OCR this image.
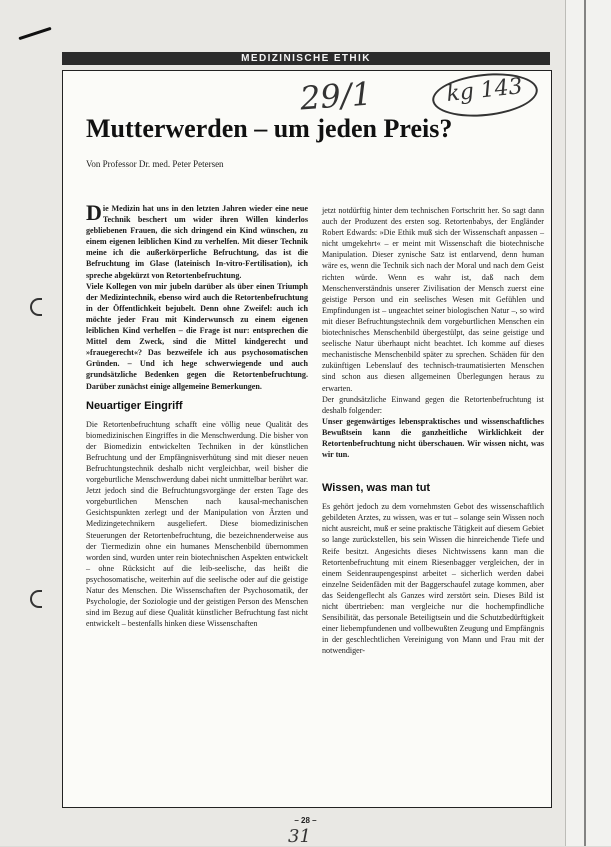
MEDIZINISCHE ETHIK
29/1	kg 143
Mutterwerden – um jeden Preis?
Von Professor Dr. med. Peter Petersen

Die Medizin hat uns in den letzten Jahren wieder eine neue Technik beschert um wider ihren Willen kinderlos gebliebenen Frauen, die sich dringend ein Kind wünschen, zu einem eigenen leiblichen Kind zu verhelfen. Mit dieser Technik meine ich die außerkörperliche Befruchtung, das ist die Befruchtung im Glase (lateinisch In-vitro-Fertilisation), ich spreche abgekürzt von Retortenbefruchtung.

Viele Kollegen von mir jubeln darüber als über einen Triumph der Medizintechnik, ebenso wird auch die Retortenbefruchtung in der Öffentlichkeit bejubelt. Denn ohne Zweifel: auch ich möchte jeder Frau mit Kinderwunsch zu einem eigenen leiblichen Kind verhelfen – die Frage ist nur: entsprechen die Mittel dem Zweck, sind die Mittel kindgerecht und »frauegerecht«? Das bezweifele ich aus psychosomatischen Gründen. – Und ich hege schwerwiegende und auch grundsätzliche Bedenken gegen die Retortenbefruchtung. Darüber zunächst einige allgemeine Bemerkungen.

Neuartiger Eingriff

Die Retortenbefruchtung schafft eine völlig neue Qualität des biomedizinischen Eingriffes in die Menschwerdung. Die bisher von der Biomedizin entwickelten Techniken in der künstlichen Befruchtung und der Empfängnisverhütung sind mit dieser neuen Befruchtungstechnik deshalb nicht vergleichbar, weil bisher die vorgeburtliche Menschwerdung dabei nicht unmittelbar berührt war. Jetzt jedoch sind die Befruchtungsvorgänge der ersten Tage des vorgeburtlichen Menschen nach kausal-mechanischen Gesichtspunkten zerlegt und der Manipulation von Ärzten und Medizingetechnikern ausgeliefert. Diese biomedizinischen Steuerungen der Retortenbefruchtung, die bezeichnenderweise aus der Tiermedizin ohne ein humanes Menschenbild übernommen worden sind, wurden unter rein biotechnischen Aspekten entwickelt – ohne Rücksicht auf die leib-seelische, das heißt die psychosomatische, weiterhin auf die seelische oder auf die geistige Natur des Menschen. Die Wissenschaften der Psychosomatik, der Psychologie, der Soziologie und der geistigen Person des Menschen sind im Bezug auf diese Qualität künstlicher Befruchtung fast nicht entwickelt – bestenfalls hinken diese Wissenschaften

jetzt notdürftig hinter dem technischen Fortschritt her. So sagt dann auch der Produzent des ersten sog. Retortenbabys, der Engländer Robert Edwards: »Die Ethik muß sich der Wissenschaft anpassen – nicht umgekehrt« – er meint mit Wissenschaft die biotechnische Manipulation. Dieser zynische Satz ist entlarvend, denn human wäre es, wenn die Technik sich nach der Moral und nach dem Geist richten würde. Wenn es wahr ist, daß nach dem Menschenverständnis unserer Zivilisation der Mensch zuerst eine geistige Person und ein seelisches Wesen mit Gefühlen und Empfindungen ist – ungeachtet seiner biologischen Natur –, so wird mit dieser Befruchtungstechnik dem vorgeburtlichen Menschen ein biotechnisches Menschenbild übergestülpt, das seine geistige und seelische Natur überhaupt nicht beachtet. Ich komme auf dieses mechanistische Menschenbild später zu sprechen. Schäden für den zukünftigen Lebenslauf des technisch-traumatisierten Menschen sind schon aus diesen allgemeinen Überlegungen heraus zu erwarten.

Der grundsätzliche Einwand gegen die Retortenbefruchtung ist deshalb folgender:

Unser gegenwärtiges lebenspraktisches und wissenschaftliches Bewußtsein kann die ganzheitliche Wirklichkeit der Retortenbefruchtung nicht überschauen. Wir wissen nicht, was wir tun.

Wissen, was man tut

Es gehört jedoch zu dem vornehmsten Gebot des wissenschaftlich gebildeten Arztes, zu wissen, was er tut – solange sein Wissen noch nicht ausreicht, muß er seine praktische Tätigkeit auf diesem Gebiet so lange zurückstellen, bis sein Wissen die hinreichende Tiefe und Reife besitzt. Angesichts dieses Nichtwissens kann man die Retortenbefruchtung mit einem Riesenbagger vergleichen, der in einem Seidenraupengespinst arbeitet – sicherlich werden dabei einzelne Seidenfäden mit der Baggerschaufel zutage kommen, aber das Seidengeflecht als Ganzes wird zerstört sein. Dieses Bild ist nicht übertrieben: man vergleiche nur die hochempfindliche Sensibilität, das personale Beteiligtsein und die Schutzbedürftigkeit einer liebempfundenen und vollbewußten Zeugung und Empfängnis in der geschlechtlichen Vereinigung von Mann und Frau mit der notwendiger-

– 28 –
31
